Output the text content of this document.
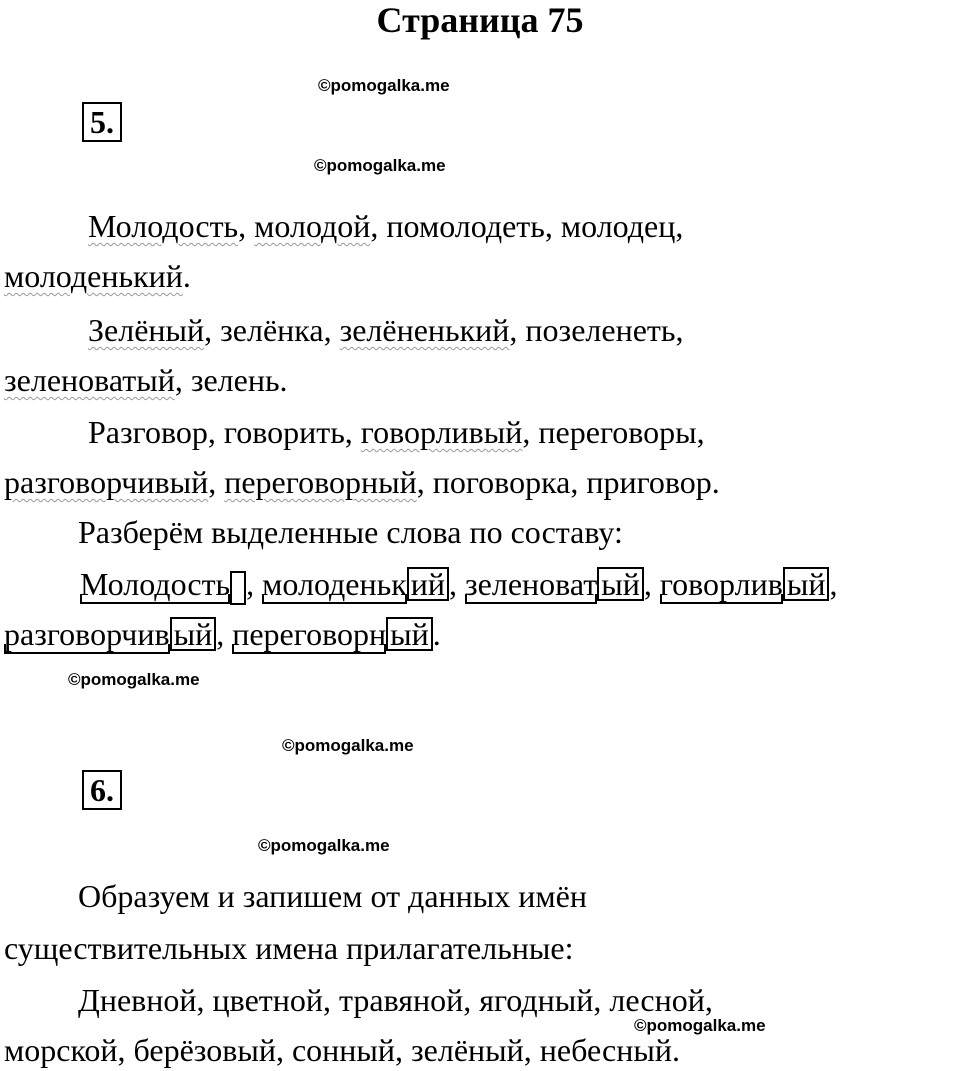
Страница 75
©pomogalka.me
5.
©pomogalka.me
Молодость, молодой, помолодеть, молодец,
молоденький.
Зелёный, зелёнка, зелёненький, позеленеть,
зеленоватый, зелень.
Разговор, говорить, говорливый, переговоры,
разговорчивый, переговорный, поговорка, приговор.
Разберём выделенные слова по составу:
Молодость , молоденьк ий , зеленоват ый , говорлив ый ,
разговорчив ый , переговорн ый .
©pomogalka.me
©pomogalka.me
6.
©pomogalka.me
Образуем и запишем от данных имён
существительных имена прилагательные:
Дневной, цветной, травяной, ягодный, лесной,
©pomogalka.me
морской, берёзовый, сонный, зелёный, небесный.
